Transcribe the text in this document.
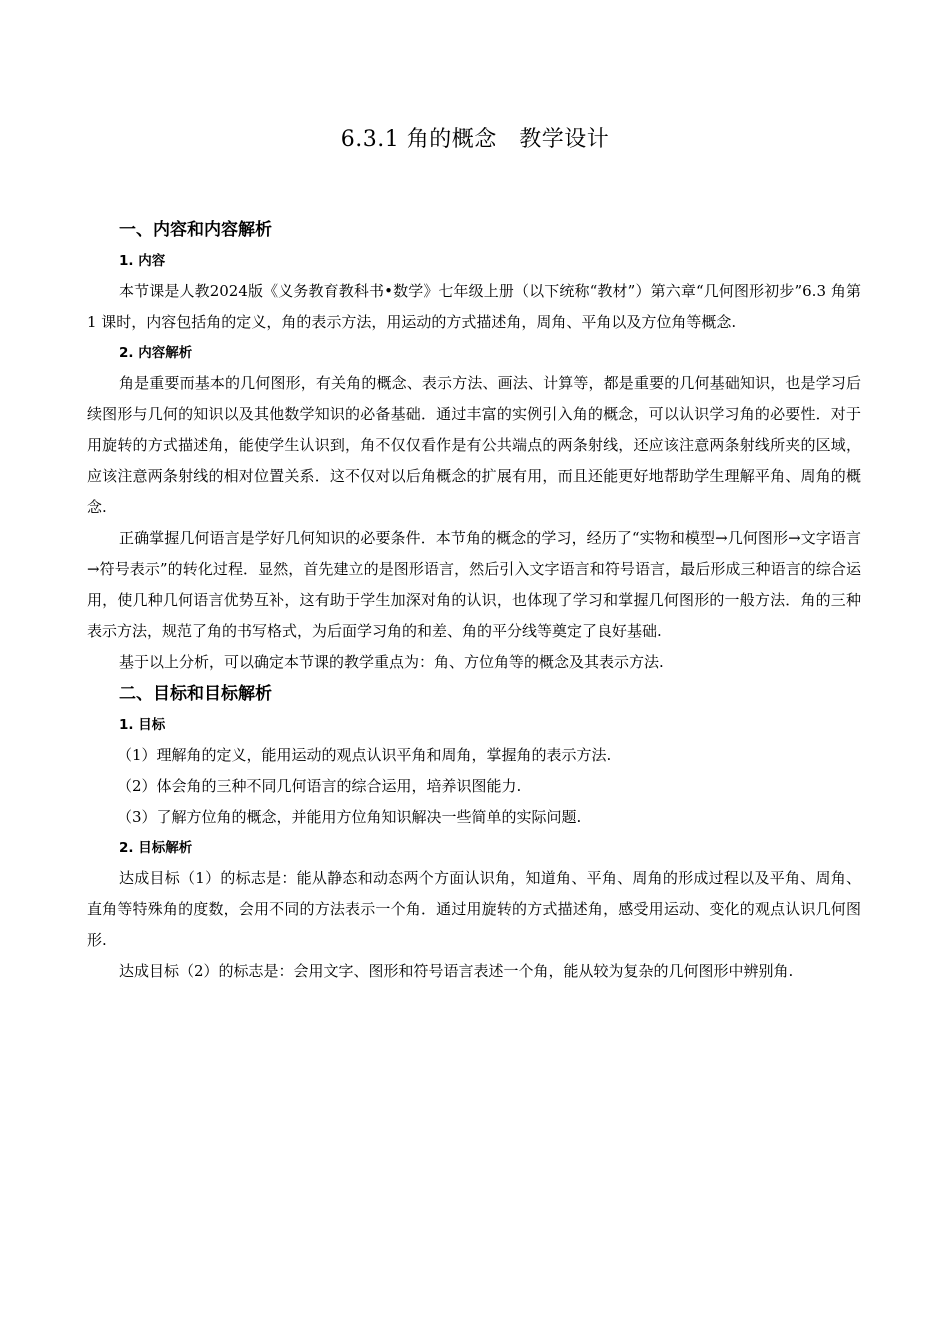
6.3.1 角的概念　教学设计
一、内容和内容解析
1. 内容

本节课是人教2024版《义务教育教科书•数学》七年级上册（以下统称“教材”）第六章“几何图形初步”6.3 角第 1 课时，内容包括角的定义，角的表示方法，用运动的方式描述角，周角、平角以及方位角等概念.

2. 内容解析

角是重要而基本的几何图形，有关角的概念、表示方法、画法、计算等，都是重要的几何基础知识，也是学习后续图形与几何的知识以及其他数学知识的必备基础．通过丰富的实例引入角的概念，可以认识学习角的必要性．对于用旋转的方式描述角，能使学生认识到，角不仅仅看作是有公共端点的两条射线，还应该注意两条射线所夹的区域，应该注意两条射线的相对位置关系．这不仅对以后角概念的扩展有用，而且还能更好地帮助学生理解平角、周角的概念.

正确掌握几何语言是学好几何知识的必要条件．本节角的概念的学习，经历了“实物和模型→几何图形→文字语言→符号表示”的转化过程．显然，首先建立的是图形语言，然后引入文字语言和符号语言，最后形成三种语言的综合运用，使几种几何语言优势互补，这有助于学生加深对角的认识，也体现了学习和掌握几何图形的一般方法．角的三种表示方法，规范了角的书写格式，为后面学习角的和差、角的平分线等奠定了良好基础.

基于以上分析，可以确定本节课的教学重点为：角、方位角等的概念及其表示方法.

二、目标和目标解析
1. 目标

（1）理解角的定义，能用运动的观点认识平角和周角，掌握角的表示方法.

（2）体会角的三种不同几何语言的综合运用，培养识图能力.

（3）了解方位角的概念，并能用方位角知识解决一些简单的实际问题.

2. 目标解析

达成目标（1）的标志是：能从静态和动态两个方面认识角，知道角、平角、周角的形成过程以及平角、周角、直角等特殊角的度数，会用不同的方法表示一个角．通过用旋转的方式描述角，感受用运动、变化的观点认识几何图形.

达成目标（2）的标志是：会用文字、图形和符号语言表述一个角，能从较为复杂的几何图形中辨别角.
